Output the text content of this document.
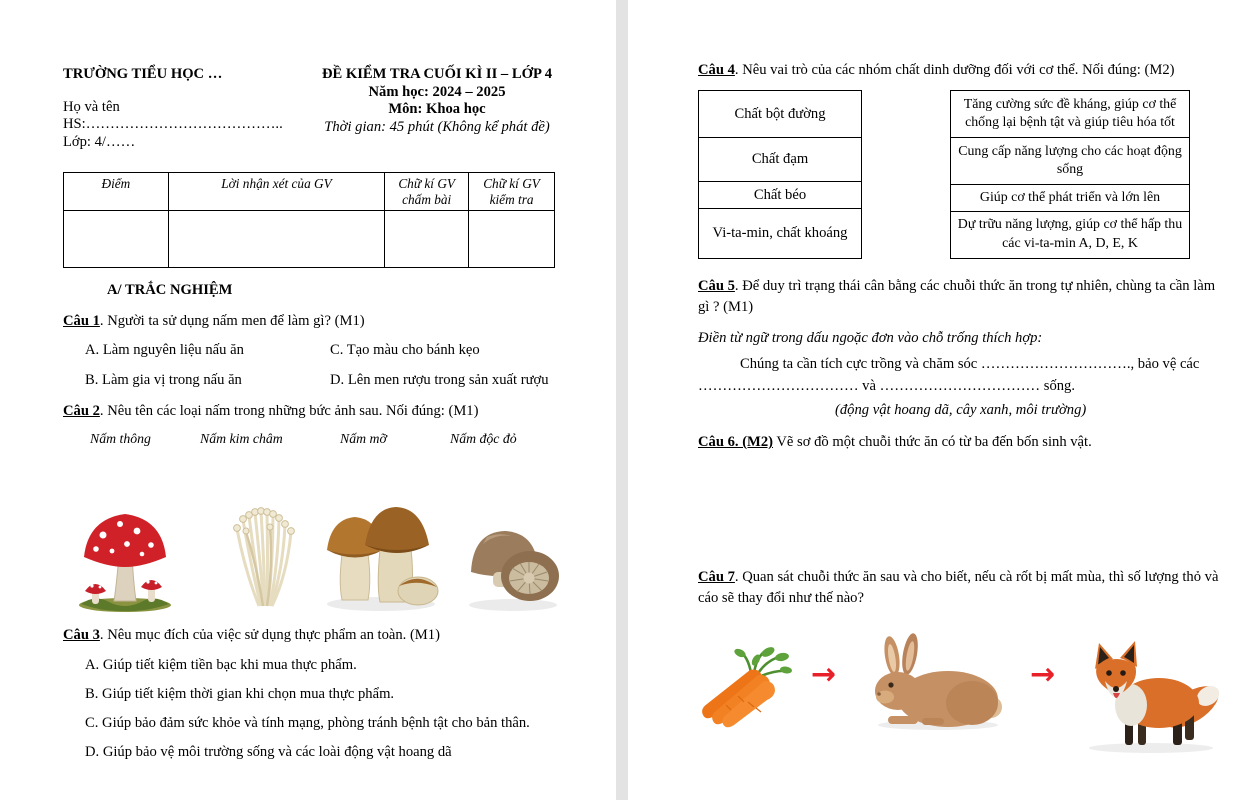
TRƯỜNG TIỂU HỌC …
Họ và tên HS:…………………………………..
Lớp: 4/……
ĐỀ KIỂM TRA CUỐI KÌ II – LỚP 4
Năm học: 2024 – 2025
Môn: Khoa học
Thời gian: 45 phút (Không kể phát đề)
Điểm	Lời nhận xét của GV	Chữ kí GV chấm bài	Chữ kí GV kiểm tra

A/ TRẮC NGHIỆM
Câu 1. Người ta sử dụng nấm men để làm gì? (M1)
A. Làm nguyên liệu nấu ăn	C. Tạo màu cho bánh kẹo
B. Làm gia vị trong nấu ăn	D. Lên men rượu trong sản xuất rượu
Câu 2. Nêu tên các loại nấm trong những bức ảnh sau. Nối đúng: (M1)
Nấm thông	Nấm kim châm	Nấm mỡ	Nấm độc đỏ
Câu 3. Nêu mục đích của việc sử dụng thực phẩm an toàn. (M1)
A. Giúp tiết kiệm tiền bạc khi mua thực phẩm.
B. Giúp tiết kiệm thời gian khi chọn mua thực phẩm.
C. Giúp bảo đảm sức khỏe và tính mạng, phòng tránh bệnh tật cho bản thân.
D. Giúp bảo vệ môi trường sống và các loài động vật hoang dã
Câu 4. Nêu vai trò của các nhóm chất dinh dưỡng đối với cơ thể. Nối đúng: (M2)
Chất bột đường
Chất đạm
Chất béo
Vi-ta-min, chất khoáng
Tăng cường sức đề kháng, giúp cơ thể chống lại bệnh tật và giúp tiêu hóa tốt
Cung cấp năng lượng cho các hoạt động sống
Giúp cơ thể phát triển và lớn lên
Dự trữu năng lượng, giúp cơ thể hấp thu các vi-ta-min A, D, E, K
Câu 5. Để duy trì trạng thái cân bằng các chuỗi thức ăn trong tự nhiên, chùng ta cần làm gì ? (M1)
Điền từ ngữ trong dấu ngoặc đơn vào chỗ trống thích hợp:
Chúng ta cần tích cực trồng và chăm sóc …………………………., bảo vệ các
…………………………… và …………………………… sống.
(động vật hoang dã, cây xanh, môi trường)
Câu 6. (M2) Vẽ sơ đồ một chuỗi thức ăn có từ ba đến bốn sinh vật.
Câu 7. Quan sát chuỗi thức ăn sau và cho biết, nếu cà rốt bị mất mùa, thì số lượng thỏ và cáo sẽ thay đổi như thế nào?
→	→
